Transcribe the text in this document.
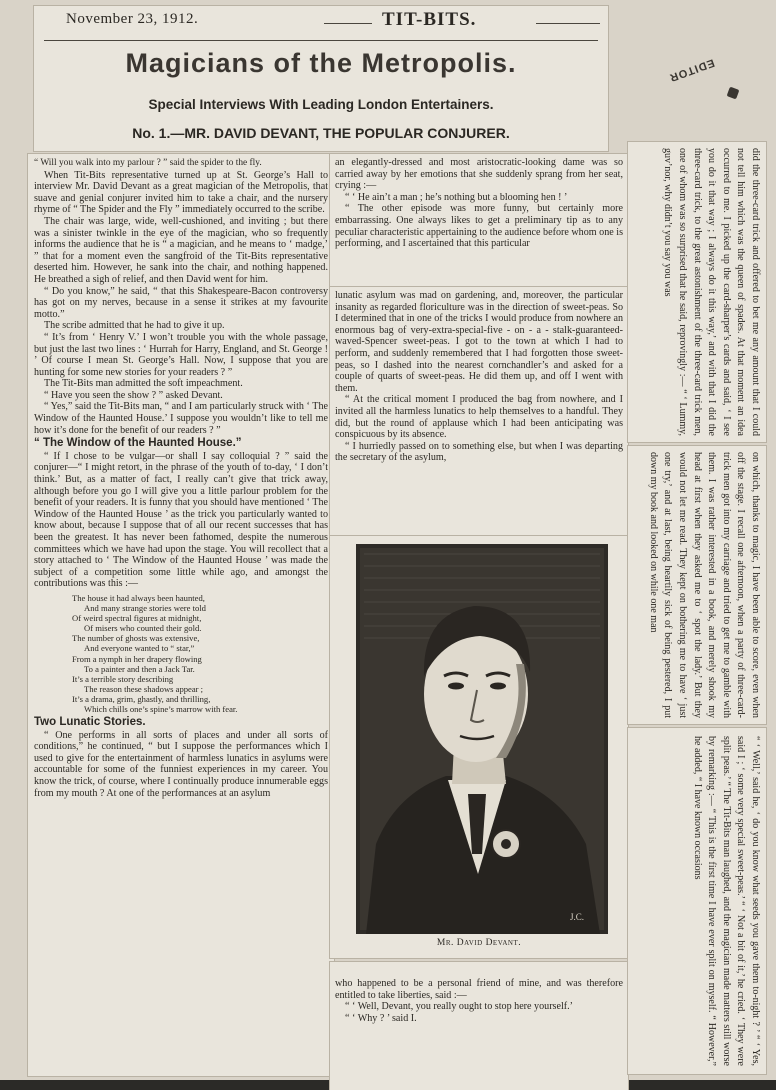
November 23, 1912.	TIT-BITS.
Magicians of the Metropolis.
Special Interviews With Leading London Entertainers.
No. 1.—MR. DAVID DEVANT, THE POPULAR CONJURER.
EDITOR

“ Will you walk into my parlour ? ” said the spider to the fly.

When Tit-Bits representative turned up at St. George’s Hall to interview Mr. David Devant as a great magician of the Metropolis, that suave and genial conjurer invited him to take a chair, and the nursery rhyme of “ The Spider and the Fly ” immediately occurred to the scribe.

The chair was large, wide, well-cushioned, and inviting ; but there was a sinister twinkle in the eye of the magician, who so frequently informs the audience that he is “ a magician, and he means to ‘ madge,’ ” that for a moment even the sangfroid of the Tit-Bits representative deserted him. However, he sank into the chair, and nothing happened. He breathed a sigh of relief, and then David went for him.

“ Do you know,” he said, “ that this Shakespeare-Bacon controversy has got on my nerves, because in a sense it strikes at my favourite motto.”

The scribe admitted that he had to give it up.

“ It’s from ‘ Henry V.’ I won’t trouble you with the whole passage, but just the last two lines : ‘ Hurrah for Harry, England, and St. George ! ’ Of course I mean St. George’s Hall. Now, I suppose that you are hunting for some new stories for your readers ? ”

The Tit-Bits man admitted the soft impeachment.

“ Have you seen the show ? ” asked Devant.

“ Yes,” said the Tit-Bits man, “ and I am particularly struck with ‘ The Window of the Haunted House.’ I suppose you wouldn’t like to tell me how it’s done for the benefit of our readers ? ”

“ The Window of the Haunted House.”

“ If I chose to be vulgar—or shall I say colloquial ? ” said the conjurer—“ I might retort, in the phrase of the youth of to-day, ‘ I don’t think.’ But, as a matter of fact, I really can’t give that trick away, although before you go I will give you a little parlour problem for the benefit of your readers. It is funny that you should have mentioned ‘ The Window of the Haunted House ’ as the trick you particularly wanted to know about, because I suppose that of all our recent successes that has been the greatest. It has never been fathomed, despite the numerous committees which we have had upon the stage. You will recollect that a story attached to ‘ The Window of the Haunted House ’ was made the subject of a competition some little while ago, and amongst the contributions was this :—

The house it had always been haunted,
And many strange stories were told
Of weird spectral figures at midnight,
Of misers who counted their gold.
The number of ghosts was extensive,
And everyone wanted to “ star,”
From a nymph in her drapery flowing
To a painter and then a Jack Tar.
It’s a terrible story describing
The reason these shadows appear ;
It’s a drama, grim, ghastly, and thrilling,
Which chills one’s spine’s marrow with fear.
Two Lunatic Stories.

“ One performs in all sorts of places and under all sorts of conditions,” he continued, “ but I suppose the performances which I used to give for the entertainment of harmless lunatics in asylums were accountable for some of the funniest experiences in my career. You know the trick, of course, where I continually produce innumerable eggs from my mouth ? At one of the performances at an asylum

an elegantly-dressed and most aristocratic-looking dame was so carried away by her emotions that she suddenly sprang from her seat, crying :—

“ ‘ He ain’t a man ; he’s nothing but a blooming hen ! ’

“ The other episode was more funny, but certainly more embarrassing. One always likes to get a preliminary tip as to any peculiar characteristic appertaining to the audience before whom one is performing, and I ascertained that this particular

lunatic asylum was mad on gardening, and, moreover, the particular insanity as regarded floriculture was in the direction of sweet-peas. So I determined that in one of the tricks I would produce from nowhere an enormous bag of very-extra-special-five - on - a - stalk-guaranteed-waved-Spencer sweet-peas. I got to the town at which I had to perform, and suddenly remembered that I had forgotten those sweet-peas, so I dashed into the nearest cornchandler’s and asked for a couple of quarts of sweet-peas. He did them up, and off I went with them.

“ At the critical moment I produced the bag from nowhere, and I invited all the harmless lunatics to help themselves to a handful. They did, but the round of applause which I had been anticipating was conspicuous by its absence.

“ I hurriedly passed on to something else, but when I was departing the secretary of the asylum,

J.C.
Mr. David Devant.

who happened to be a personal friend of mine, and was therefore entitled to take liberties, said :—

“ ‘ Well, Devant, you really ought to stop here yourself.’

“ ‘ Why ? ’ said I.

did the three-card trick and offered to bet me any amount that I could not tell him which was the queen of spades. At that moment an idea occurred to me. I picked up the card-sharper’s cards and said, ‘ I see you do it that way ; I always do it this way,’ and with that I did the three-card trick, to the great astonishment of the three-card trick men, one of whom was so surprised that he said, reprovingly :— “ ‘ Lummy, guv’nor, why didn’t you say you was

on which, thanks to magic, I have been able to score, even when off the stage. I recall one afternoon, when a party of three-card-trick men got into my carriage and tried to get me to gamble with them. I was rather interested in a book, and merely shook my head at first when they asked me to ‘ spot the lady.’ But they would not let me read. They kept on bothering me to have ‘ just one try,’ and at last, being heartily sick of being pestered, I put down my book and looked on while one man

“ ‘ Well,’ said he, ‘ do you know what seeds you gave them to-night ? ’ “ ‘ Yes, said I ; ‘ some very special sweet-peas.’ “ ‘ Not a bit of it,’ he cried. ‘ They were split peas.’ “ The Tit-Bits man laughed, and the magician made matters still worse by remarking :— “ This is the first time I have ever split on myself. “ However,” he added, “ I have known occasions
